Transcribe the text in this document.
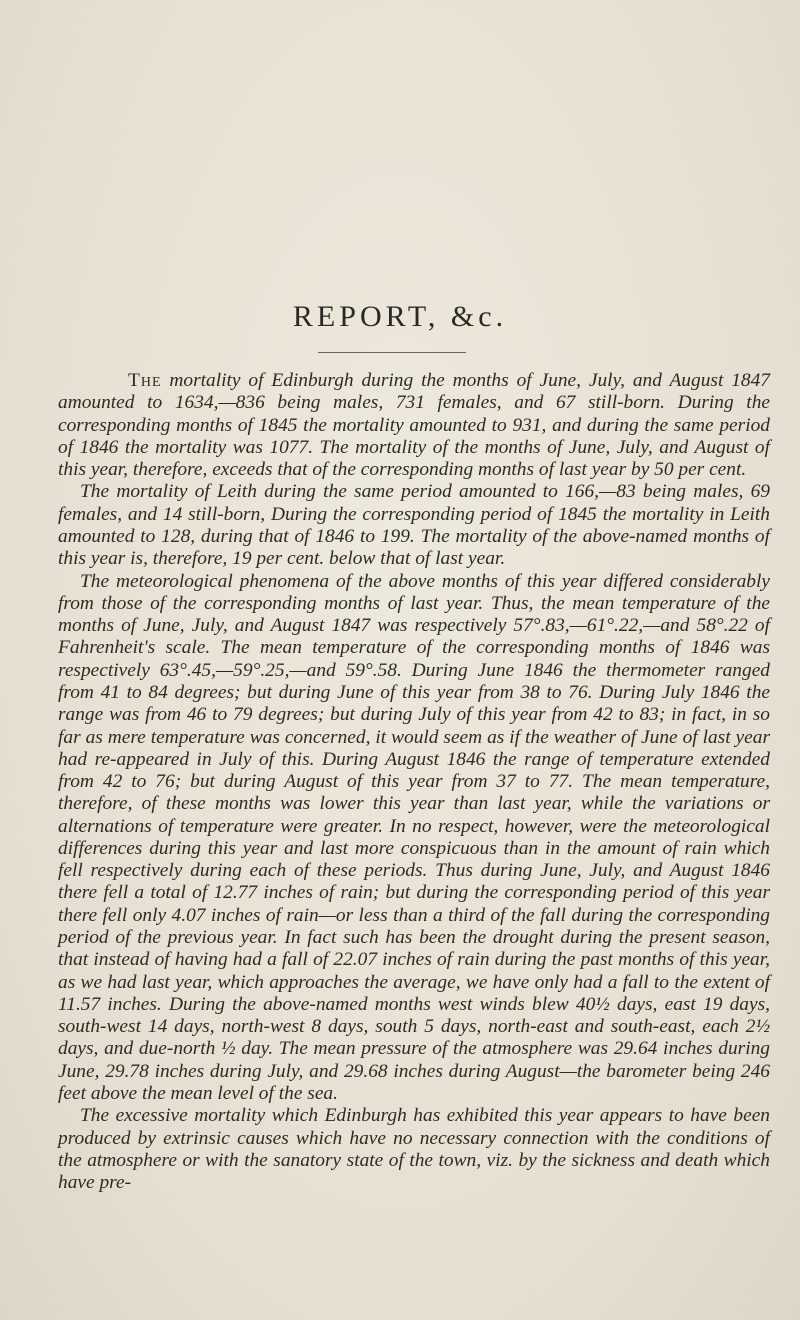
REPORT, &c.

The mortality of Edinburgh during the months of June, July, and August 1847 amounted to 1634,—836 being males, 731 females, and 67 still-born. During the corresponding months of 1845 the mortality amounted to 931, and during the same period of 1846 the mortality was 1077. The mortality of the months of June, July, and August of this year, therefore, exceeds that of the corresponding months of last year by 50 per cent.

The mortality of Leith during the same period amounted to 166,—83 being males, 69 females, and 14 still-born, During the corresponding period of 1845 the mortality in Leith amounted to 128, during that of 1846 to 199. The mortality of the above-named months of this year is, therefore, 19 per cent. below that of last year.

The meteorological phenomena of the above months of this year differed considerably from those of the corresponding months of last year. Thus, the mean temperature of the months of June, July, and August 1847 was respectively 57°.83,—61°.22,—and 58°.22 of Fahrenheit's scale. The mean temperature of the corresponding months of 1846 was respectively 63°.45,—59°.25,—and 59°.58. During June 1846 the thermometer ranged from 41 to 84 degrees; but during June of this year from 38 to 76. During July 1846 the range was from 46 to 79 degrees; but during July of this year from 42 to 83; in fact, in so far as mere temperature was concerned, it would seem as if the weather of June of last year had re-appeared in July of this. During August 1846 the range of temperature extended from 42 to 76; but during August of this year from 37 to 77. The mean temperature, therefore, of these months was lower this year than last year, while the variations or alternations of temperature were greater. In no respect, however, were the meteorological differences during this year and last more conspicuous than in the amount of rain which fell respectively during each of these periods. Thus during June, July, and August 1846 there fell a total of 12.77 inches of rain; but during the corresponding period of this year there fell only 4.07 inches of rain—or less than a third of the fall during the corresponding period of the previous year. In fact such has been the drought during the present season, that instead of having had a fall of 22.07 inches of rain during the past months of this year, as we had last year, which approaches the average, we have only had a fall to the extent of 11.57 inches. During the above-named months west winds blew 40½ days, east 19 days, south-west 14 days, north-west 8 days, south 5 days, north-east and south-east, each 2½ days, and due-north ½ day. The mean pressure of the atmosphere was 29.64 inches during June, 29.78 inches during July, and 29.68 inches during August—the barometer being 246 feet above the mean level of the sea.

The excessive mortality which Edinburgh has exhibited this year appears to have been produced by extrinsic causes which have no necessary connection with the conditions of the atmosphere or with the sanatory state of the town, viz. by the sickness and death which have pre-
